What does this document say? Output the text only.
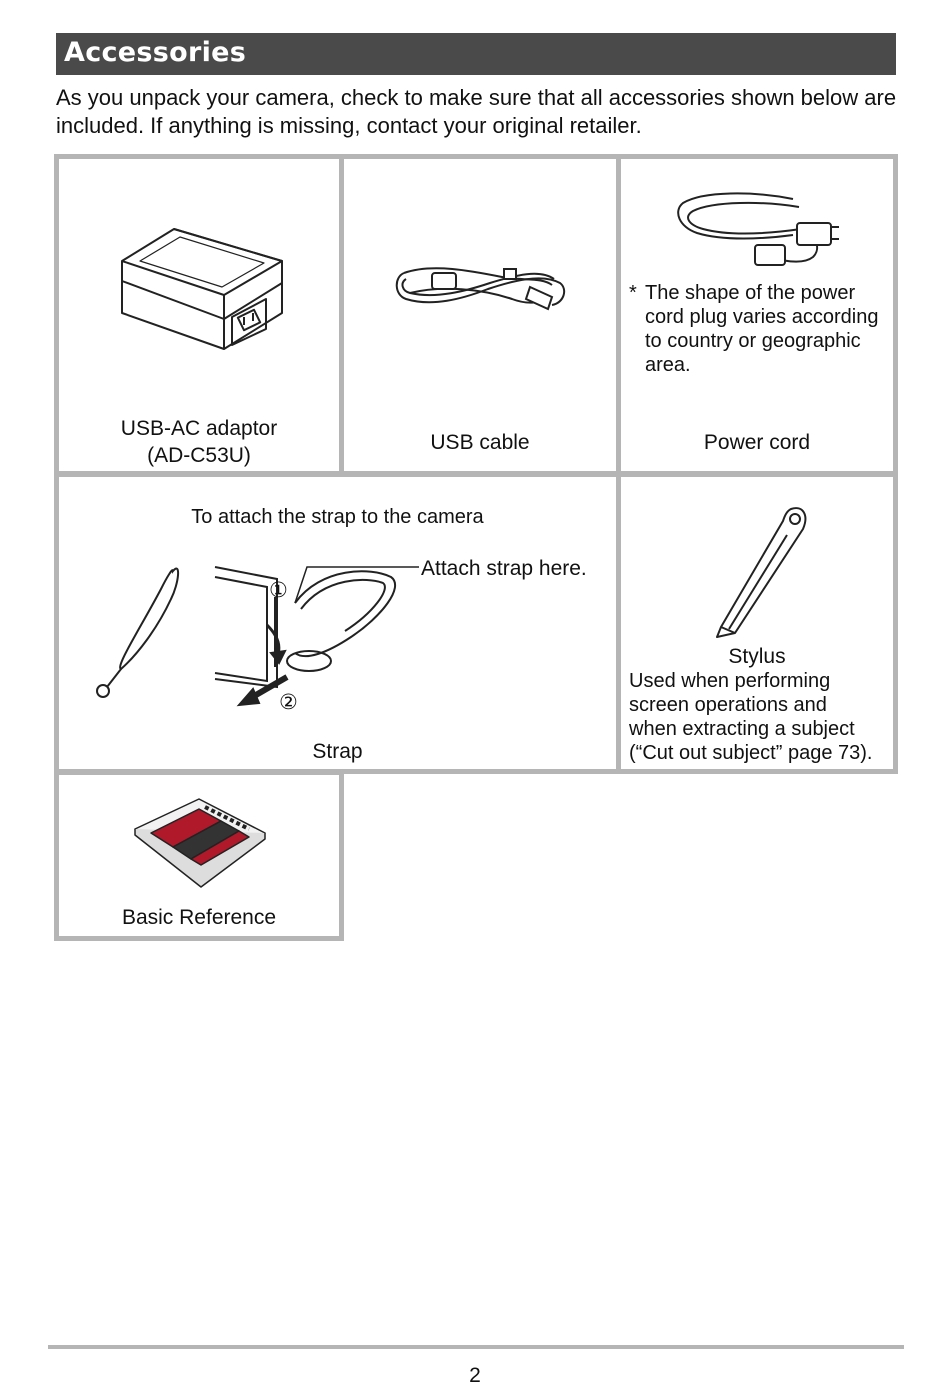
Accessories

As you unpack your camera, check to make sure that all accessories shown below are included. If anything is missing, contact your original retailer.

USB-AC adaptor
(AD-C53U)
USB cable
* The shape of the power
cord plug varies according
to country or geographic
area.
Power cord
To attach the strap to the camera
①
②
Attach strap here.
Strap
Stylus
Used when performing
screen operations and
when extracting a subject
(“Cut out subject” page 73).
Basic Reference
2
